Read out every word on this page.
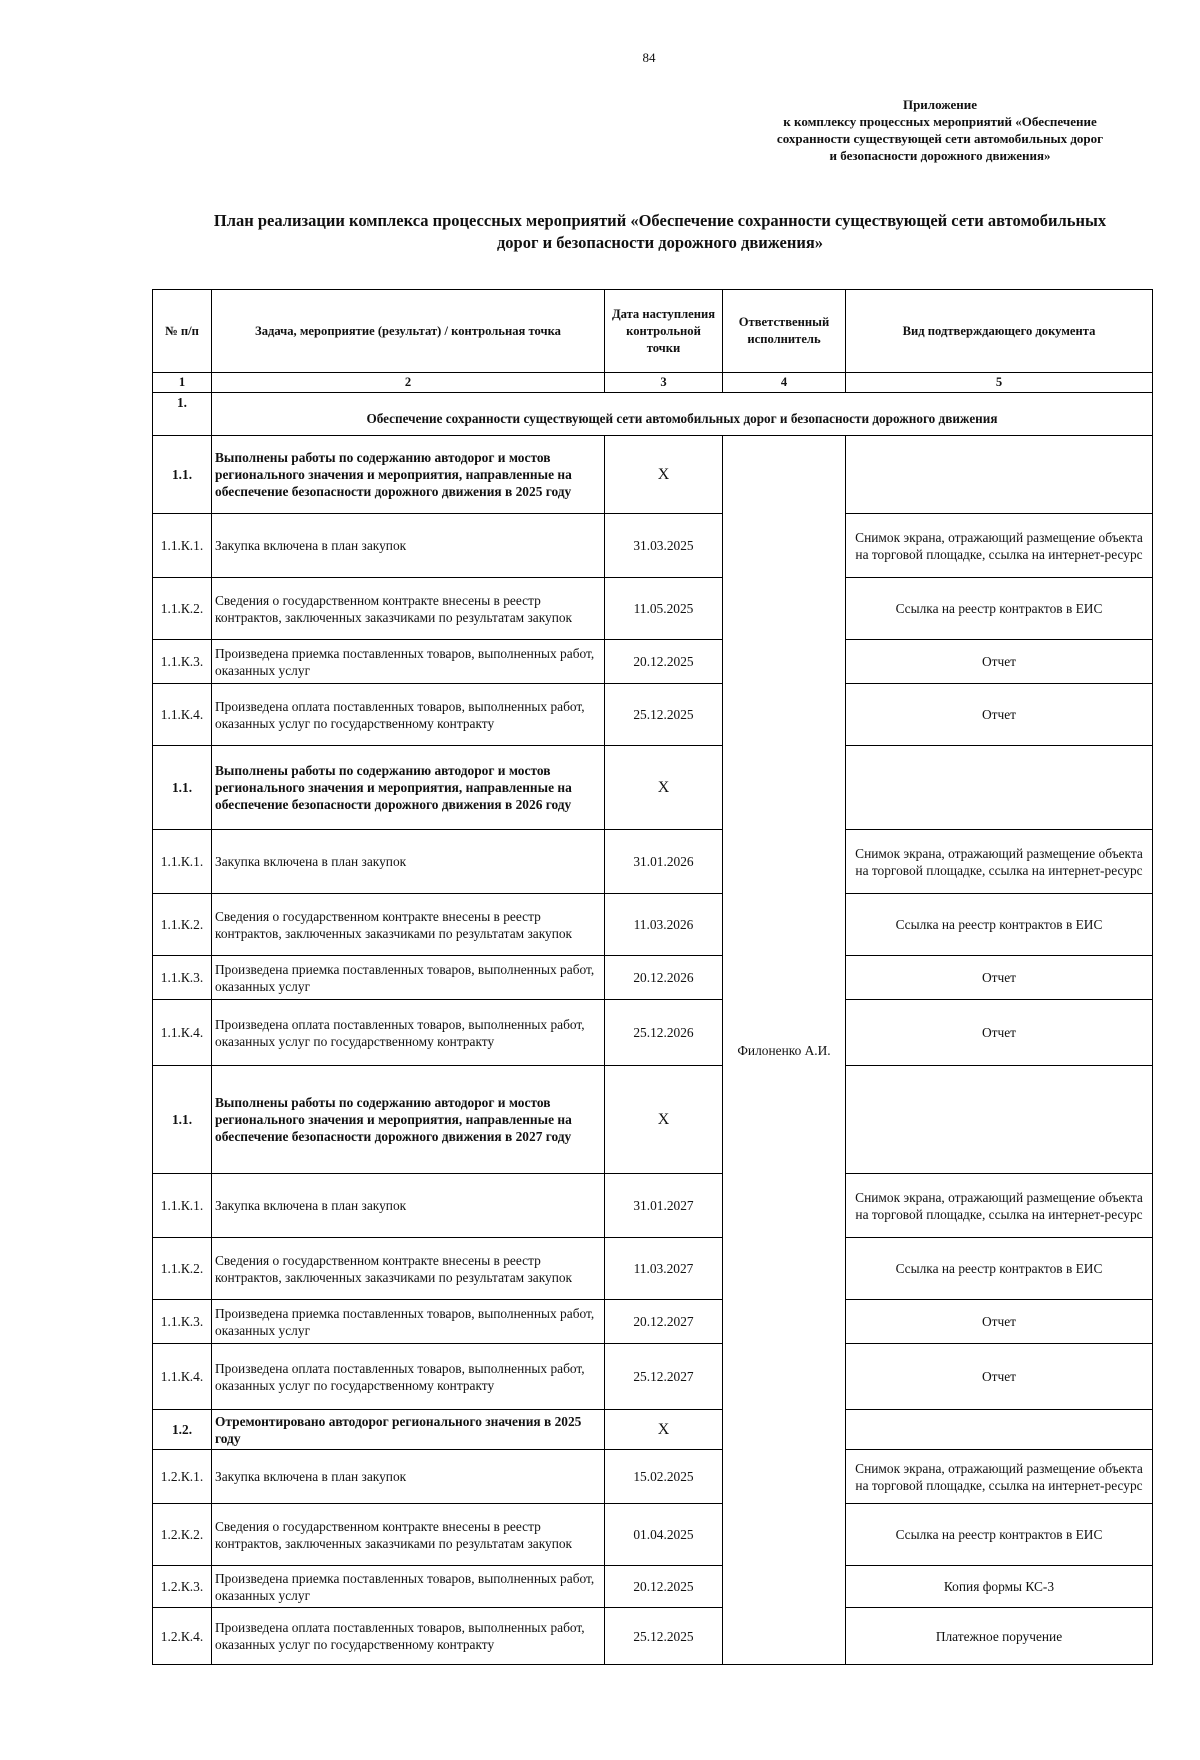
84
Приложение
к комплексу процессных мероприятий «Обеспечение
сохранности существующей сети автомобильных дорог
и безопасности дорожного движения»
План реализации комплекса процессных мероприятий «Обеспечение сохранности существующей сети автомобильных
дорог и безопасности дорожного движения»
№ п/п	Задача, мероприятие (результат) / контрольная точка	Дата наступления контрольной точки	Ответственный исполнитель	Вид подтверждающего документа
1	2	3	4	5
1.	Обеспечение сохранности существующей сети автомобильных дорог и безопасности дорожного движения			
1.1.	Выполнены работы по содержанию автодорог и мостов регионального значения и мероприятия, направленные на обеспечение безопасности дорожного движения в 2025 году	X	Филоненко А.И.	
1.1.К.1.	Закупка включена в план закупок	31.03.2025		Снимок экрана, отражающий размещение объекта на торговой площадке, ссылка на интернет-ресурс
1.1.К.2.	Сведения о государственном контракте внесены в реестр контрактов, заключенных заказчиками по результатам закупок	11.05.2025		Ссылка на реестр контрактов в ЕИС
1.1.К.3.	Произведена приемка поставленных товаров, выполненных работ, оказанных услуг	20.12.2025		Отчет
1.1.К.4.	Произведена оплата поставленных товаров, выполненных работ, оказанных услуг по государственному контракту	25.12.2025		Отчет
1.1.	Выполнены работы по содержанию автодорог и мостов регионального значения и мероприятия, направленные на обеспечение безопасности дорожного движения в 2026 году	X		
1.1.К.1.	Закупка включена в план закупок	31.01.2026		Снимок экрана, отражающий размещение объекта на торговой площадке, ссылка на интернет-ресурс
1.1.К.2.	Сведения о государственном контракте внесены в реестр контрактов, заключенных заказчиками по результатам закупок	11.03.2026		Ссылка на реестр контрактов в ЕИС
1.1.К.3.	Произведена приемка поставленных товаров, выполненных работ, оказанных услуг	20.12.2026		Отчет
1.1.К.4.	Произведена оплата поставленных товаров, выполненных работ, оказанных услуг по государственному контракту	25.12.2026		Отчет
1.1.	Выполнены работы по содержанию автодорог и мостов регионального значения и мероприятия, направленные на обеспечение безопасности дорожного движения в 2027 году	X		
1.1.К.1.	Закупка включена в план закупок	31.01.2027		Снимок экрана, отражающий размещение объекта на торговой площадке, ссылка на интернет-ресурс
1.1.К.2.	Сведения о государственном контракте внесены в реестр контрактов, заключенных заказчиками по результатам закупок	11.03.2027		Ссылка на реестр контрактов в ЕИС
1.1.К.3.	Произведена приемка поставленных товаров, выполненных работ, оказанных услуг	20.12.2027		Отчет
1.1.К.4.	Произведена оплата поставленных товаров, выполненных работ, оказанных услуг по государственному контракту	25.12.2027		Отчет
1.2.	Отремонтировано автодорог регионального значения в 2025 году	X		
1.2.К.1.	Закупка включена в план закупок	15.02.2025		Снимок экрана, отражающий размещение объекта на торговой площадке, ссылка на интернет-ресурс
1.2.К.2.	Сведения о государственном контракте внесены в реестр контрактов, заключенных заказчиками по результатам закупок	01.04.2025		Ссылка на реестр контрактов в ЕИС
1.2.К.3.	Произведена приемка поставленных товаров, выполненных работ, оказанных услуг	20.12.2025		Копия формы КС-3
1.2.К.4.	Произведена оплата поставленных товаров, выполненных работ, оказанных услуг по государственному контракту	25.12.2025		Платежное поручение
